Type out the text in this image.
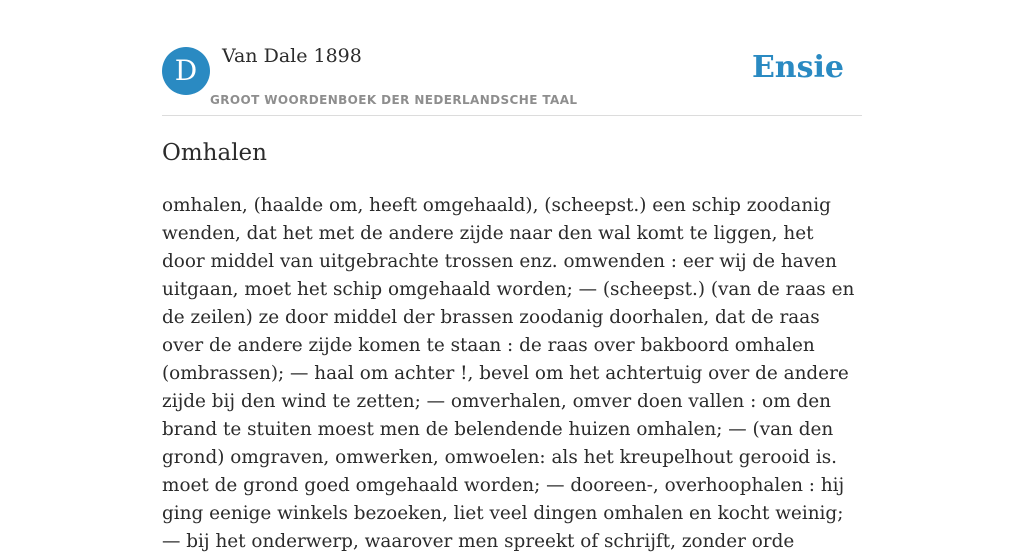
D	Van Dale 1898
GROOT WOORDENBOEK DER NEDERLANDSCHE TAAL
Ensie
Omhalen

omhalen, (haalde om, heeft omgehaald), (scheepst.) een schip zoodanig wenden, dat het met de andere zijde naar den wal komt te liggen, het door middel van uitgebrachte trossen enz. omwenden : eer wij de haven uitgaan, moet het schip omgehaald worden; — (scheepst.) (van de raas en de zeilen) ze door middel der brassen zoodanig doorhalen, dat de raas over de andere zijde komen te staan : de raas over bakboord omhalen (ombrassen); — haal om achter !, bevel om het achtertuig over de andere zijde bij den wind te zetten; — omverhalen, omver doen vallen : om den brand te stuiten moest men de belendende huizen omhalen; — (van den grond) omgraven, omwerken, omwoelen: als het kreupelhout gerooid is. moet de grond goed omgehaald worden; — dooreen-, overhoophalen : hij ging eenige winkels bezoeken, liet veel dingen omhalen en kocht weinig; — bij het onderwerp, waarover men spreekt of schrijft, zonder orde
